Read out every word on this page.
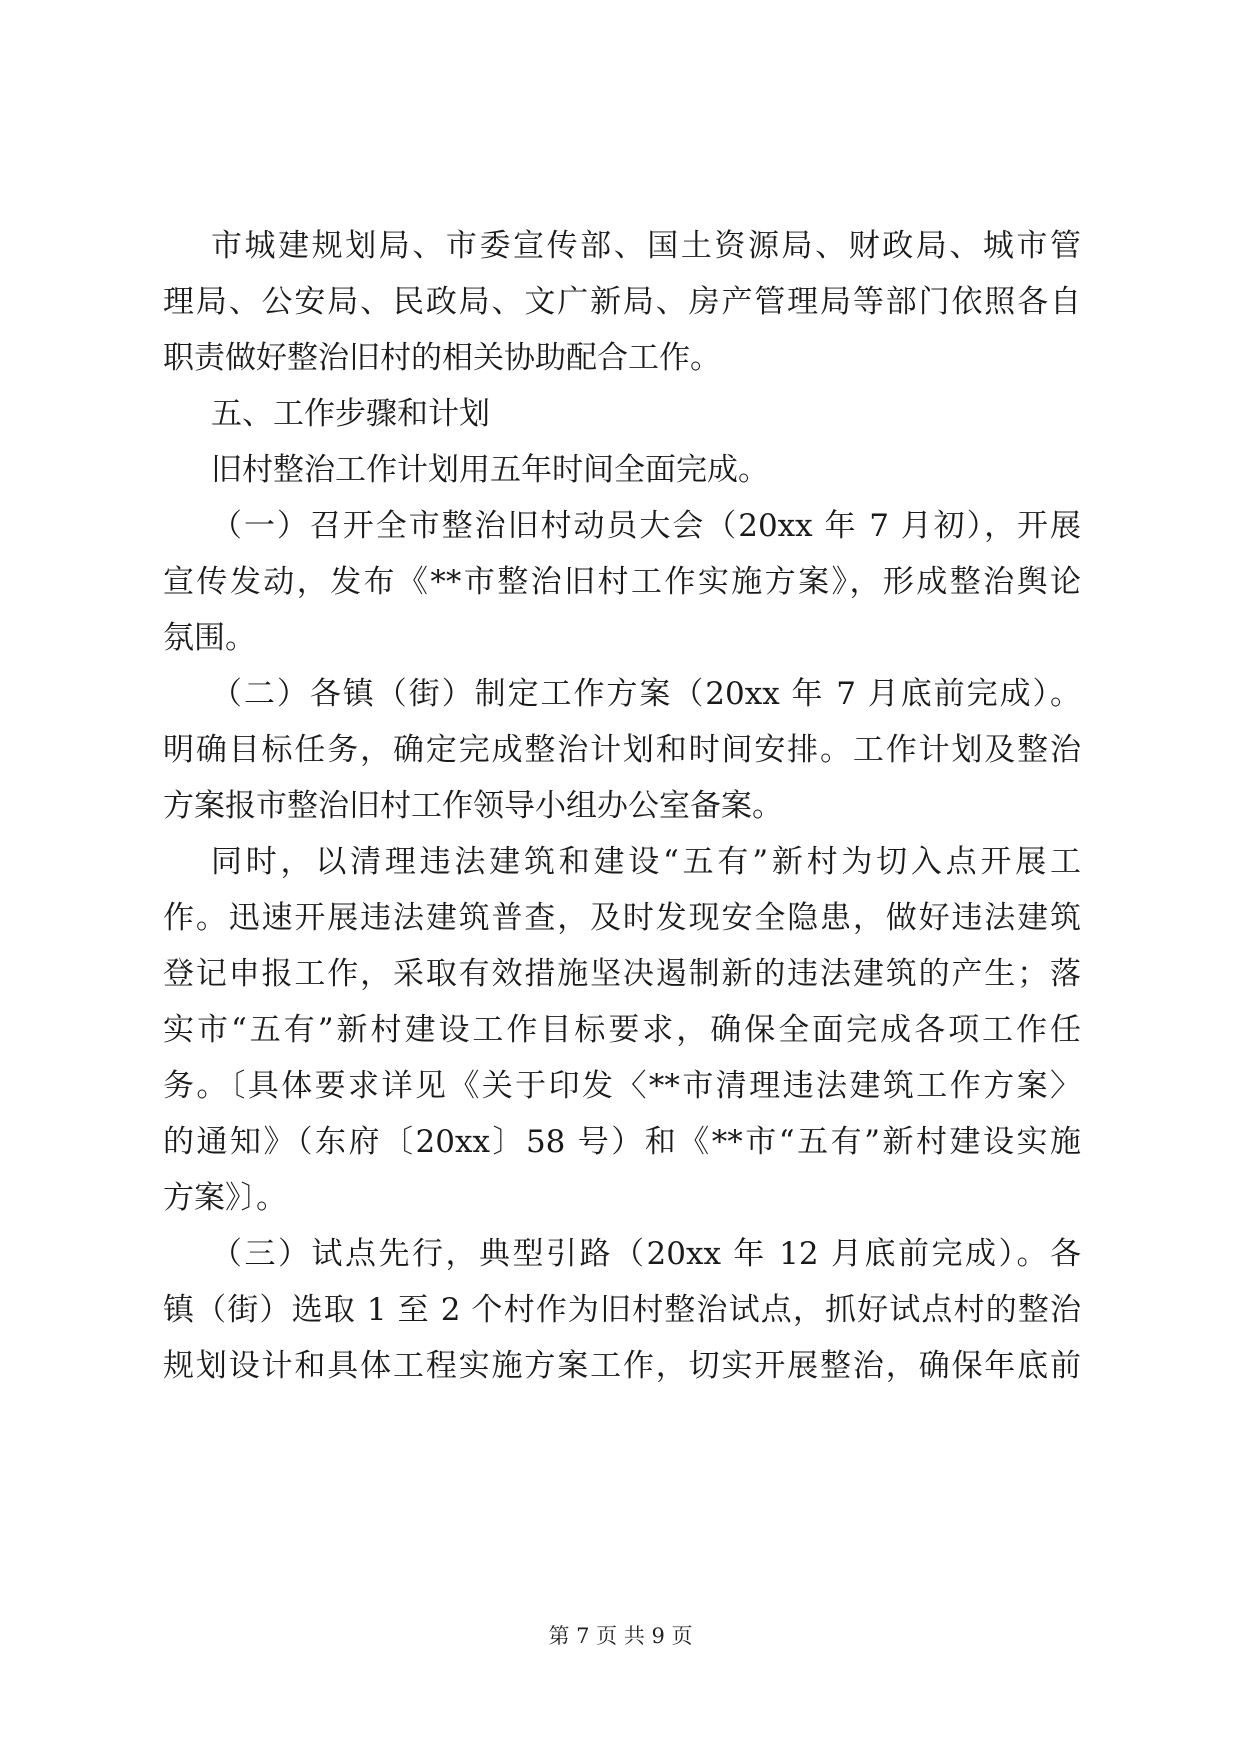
市城建规划局、市委宣传部、国土资源局、财政局、城市管
理局、公安局、民政局、文广新局、房产管理局等部门依照各自
职责做好整治旧村的相关协助配合工作。
五、工作步骤和计划
旧村整治工作计划用五年时间全面完成。
（一）召开全市整治旧村动员大会（20xx 年 7 月初），开展
宣传发动，发布《**市整治旧村工作实施方案》，形成整治舆论
氛围。
（二）各镇（街）制定工作方案（20xx 年 7 月底前完成）。
明确目标任务，确定完成整治计划和时间安排。工作计划及整治
方案报市整治旧村工作领导小组办公室备案。
同时，以清理违法建筑和建设“五有”新村为切入点开展工
作。迅速开展违法建筑普查，及时发现安全隐患，做好违法建筑
登记申报工作，采取有效措施坚决遏制新的违法建筑的产生；落
实市“五有”新村建设工作目标要求，确保全面完成各项工作任
务。〔具体要求详见《关于印发〈**市清理违法建筑工作方案〉
的通知》（东府〔20xx〕58 号）和《**市“五有”新村建设实施
方案》〕。
（三）试点先行，典型引路（20xx 年 12 月底前完成）。各
镇（街）选取 1 至 2 个村作为旧村整治试点，抓好试点村的整治
规划设计和具体工程实施方案工作，切实开展整治，确保年底前
第 7 页 共 9 页
